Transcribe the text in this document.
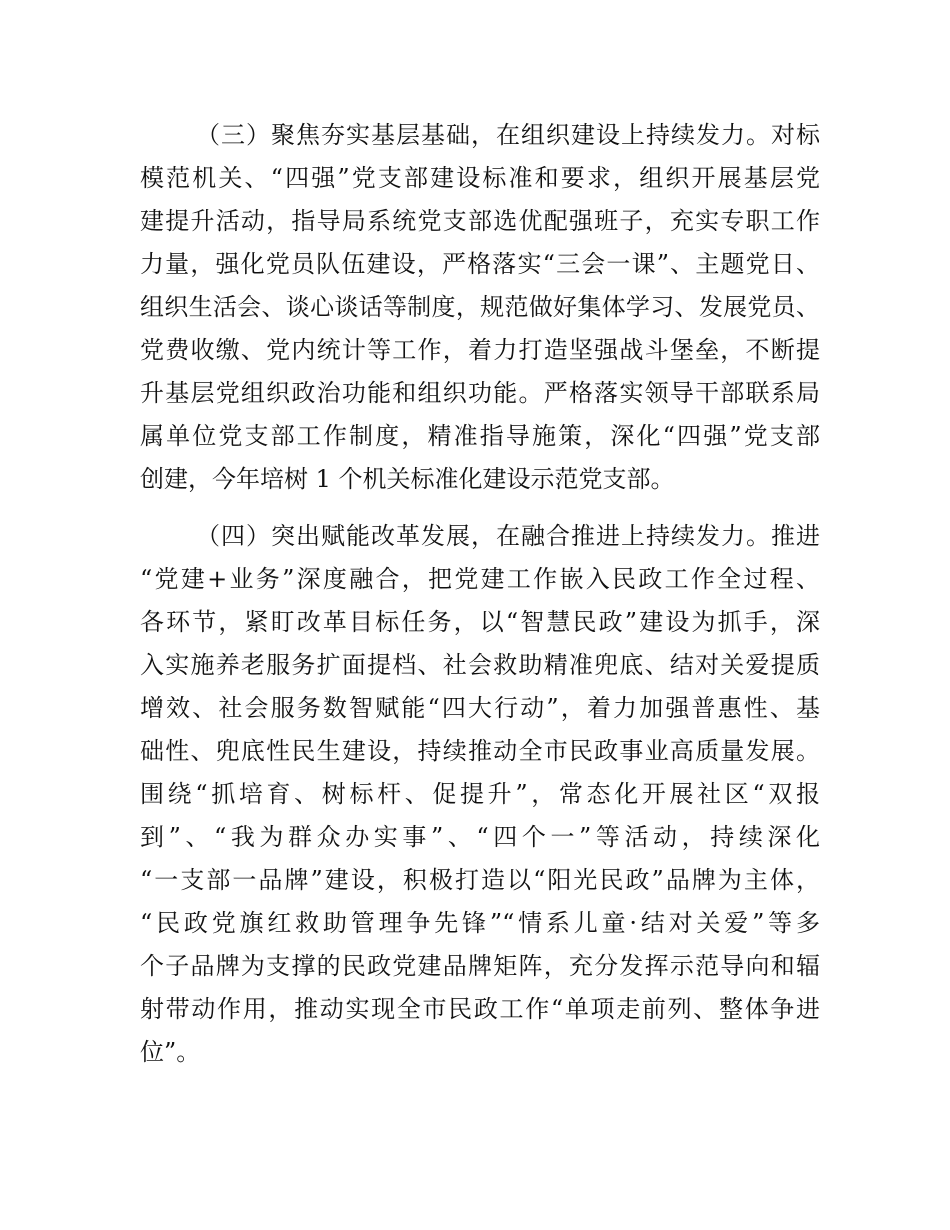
（三）聚焦夯实基层基础，在组织建设上持续发力。对标
模范机关、“四强”党支部建设标准和要求，组织开展基层党
建提升活动，指导局系统党支部选优配强班子，充实专职工作
力量，强化党员队伍建设，严格落实“三会一课”、主题党日、
组织生活会、谈心谈话等制度，规范做好集体学习、发展党员、
党费收缴、党内统计等工作，着力打造坚强战斗堡垒，不断提
升基层党组织政治功能和组织功能。严格落实领导干部联系局
属单位党支部工作制度，精准指导施策，深化“四强”党支部
创建，今年培树 1 个机关标准化建设示范党支部。
（四）突出赋能改革发展，在融合推进上持续发力。推进
“党建+业务”深度融合，把党建工作嵌入民政工作全过程、
各环节，紧盯改革目标任务，以“智慧民政”建设为抓手，深
入实施养老服务扩面提档、社会救助精准兜底、结对关爱提质
增效、社会服务数智赋能“四大行动”，着力加强普惠性、基
础性、兜底性民生建设，持续推动全市民政事业高质量发展。
围绕“抓培育、树标杆、促提升”，常态化开展社区“双报
到”、“我为群众办实事”、“四个一”等活动，持续深化
“一支部一品牌”建设，积极打造以“阳光民政”品牌为主体，
“民政党旗红救助管理争先锋”“情系儿童·结对关爱”等多
个子品牌为支撑的民政党建品牌矩阵，充分发挥示范导向和辐
射带动作用，推动实现全市民政工作“单项走前列、整体争进
位”。
